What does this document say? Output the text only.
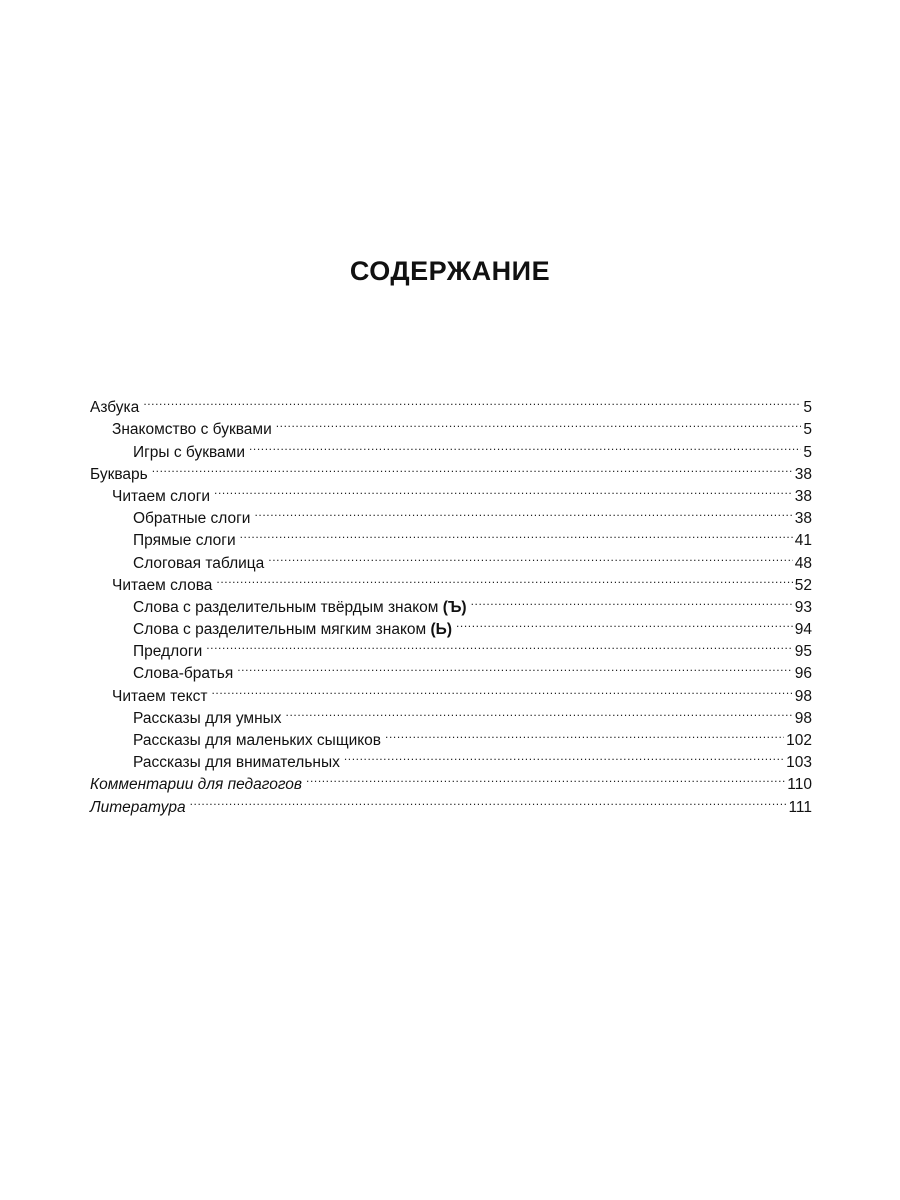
СОДЕРЖАНИЕ
Азбука .....	5
Знакомство с буквами .....	5
Игры с буквами .....	5
Букварь .....	38
Читаем слоги .....	38
Обратные слоги .....	38
Прямые слоги .....	41
Слоговая таблица .....	48
Читаем слова .....	52
Слова с разделительным твёрдым знаком (Ъ) .....	93
Слова с разделительным мягким знаком (Ь) .....	94
Предлоги .....	95
Слова-братья .....	96
Читаем текст .....	98
Рассказы для умных .....	98
Рассказы для маленьких сыщиков .....	102
Рассказы для внимательных .....	103
Комментарии для педагогов .....	110
Литература .....	111
